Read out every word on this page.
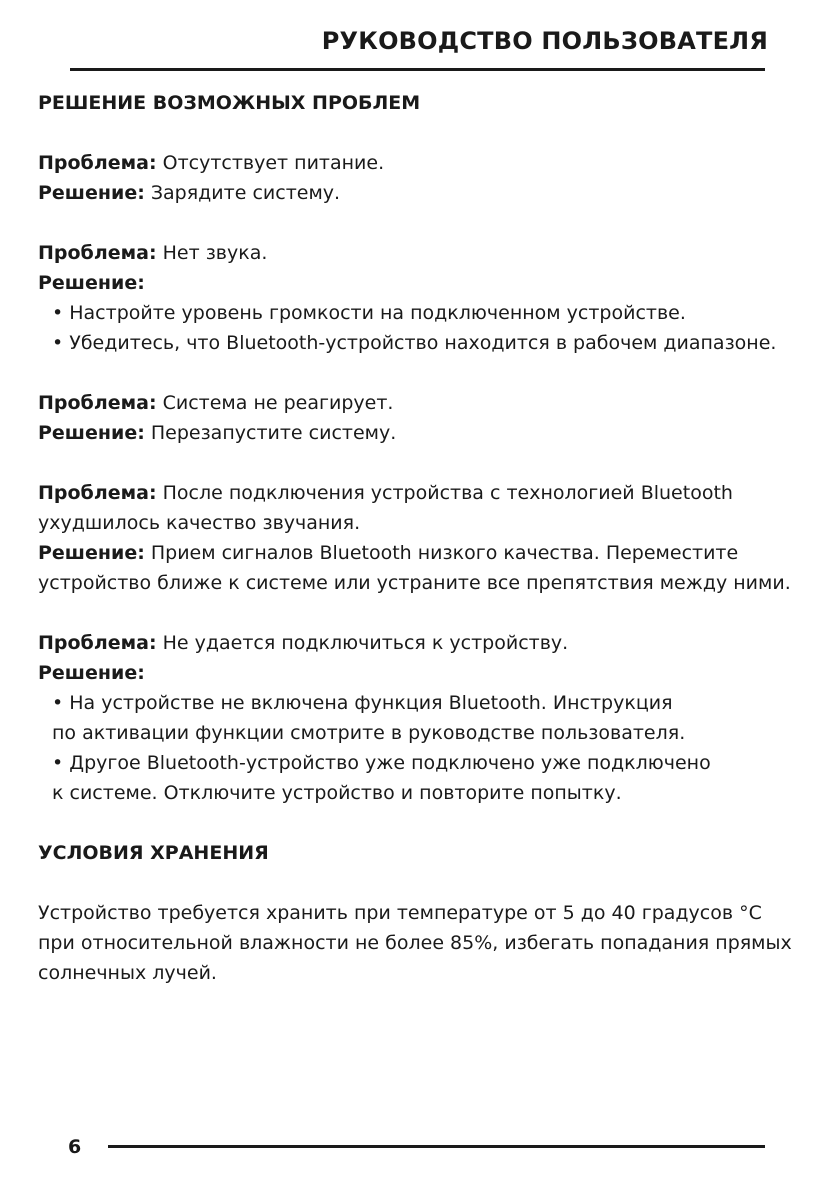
РУКОВОДСТВО ПОЛЬЗОВАТЕЛЯ
РЕШЕНИЕ ВОЗМОЖНЫХ ПРОБЛЕМ
Проблема: Отсутствует питание.
Решение: Зарядите систему.
Проблема: Нет звука.
Решение:
• Настройте уровень громкости на подключенном устройстве.
• Убедитесь, что Bluetooth-устройство находится в рабочем диапазоне.
Проблема: Система не реагирует.
Решение: Перезапустите систему.
Проблема: После подключения устройства с технологией Bluetooth
ухудшилось качество звучания.
Решение: Прием сигналов Bluetooth низкого качества. Переместите
устройство ближе к системе или устраните все препятствия между ними.
Проблема: Не удается подключиться к устройству.
Решение:
• На устройстве не включена функция Bluetooth. Инструкция
по активации функции смотрите в руководстве пользователя.
• Другое Bluetooth-устройство уже подключено уже подключено
к системе. Отключите устройство и повторите попытку.
УСЛОВИЯ ХРАНЕНИЯ
Устройство требуется хранить при температуре от 5 до 40 градусов °C
при относительной влажности не более 85%, избегать попадания прямых
солнечных лучей.
6
